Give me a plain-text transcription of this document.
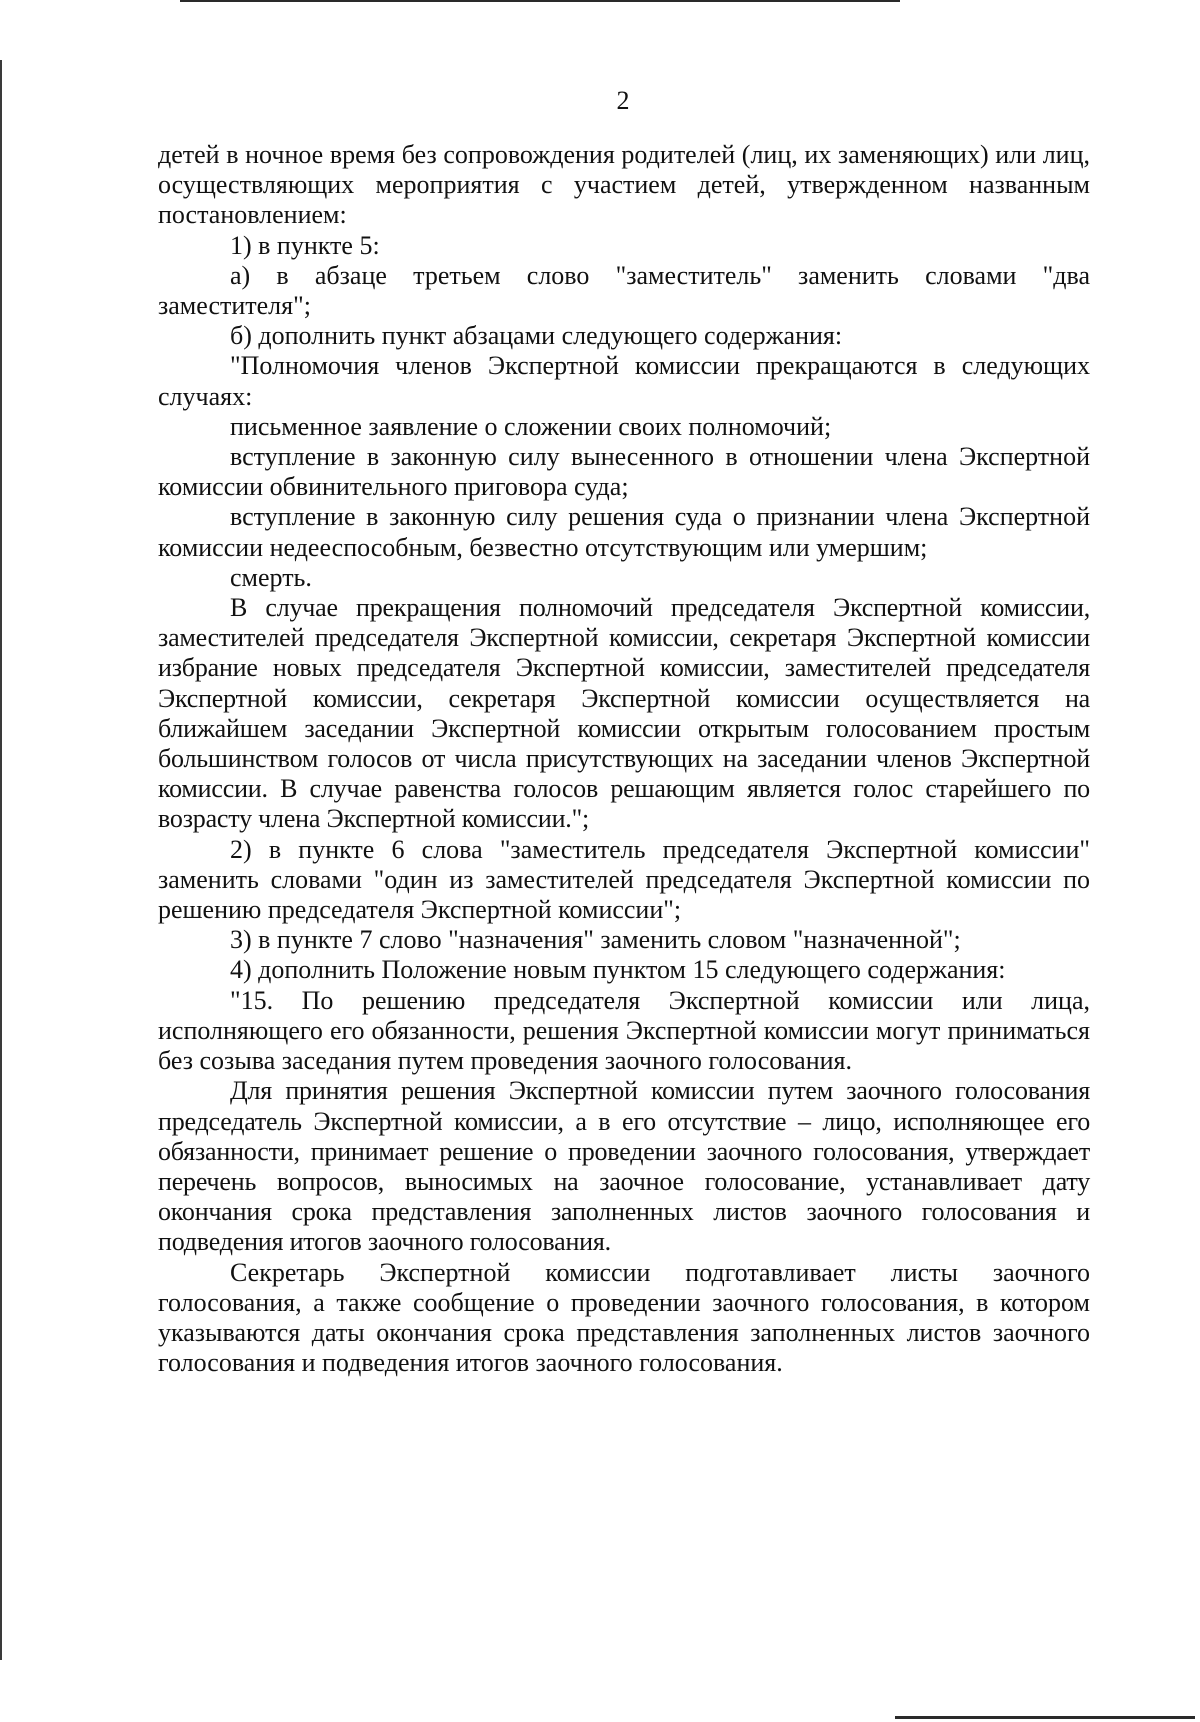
2

детей в ночное время без сопровождения родителей (лиц, их заменяющих) или лиц, осуществляющих мероприятия с участием детей, утвержденном названным постановлением:

1) в пункте 5:

а) в абзаце третьем слово "заместитель" заменить словами "два заместителя";

б) дополнить пункт абзацами следующего содержания:

"Полномочия членов Экспертной комиссии прекращаются в следующих случаях:

письменное заявление о сложении своих полномочий;

вступление в законную силу вынесенного в отношении члена Экспертной комиссии обвинительного приговора суда;

вступление в законную силу решения суда о признании члена Экспертной комиссии недееспособным, безвестно отсутствующим или умершим;

смерть.

В случае прекращения полномочий председателя Экспертной комиссии, заместителей председателя Экспертной комиссии, секретаря Экспертной комиссии избрание новых председателя Экспертной комиссии, заместителей председателя Экспертной комиссии, секретаря Экспертной комиссии осуществляется на ближайшем заседании Экспертной комиссии открытым голосованием простым большинством голосов от числа присутствующих на заседании членов Экспертной комиссии. В случае равенства голосов решающим является голос старейшего по возрасту члена Экспертной комиссии.";

2) в пункте 6 слова "заместитель председателя Экспертной комиссии" заменить словами "один из заместителей председателя Экспертной комиссии по решению председателя Экспертной комиссии";

3) в пункте 7 слово "назначения" заменить словом "назначенной";

4) дополнить Положение новым пунктом 15 следующего содержания:

"15. По решению председателя Экспертной комиссии или лица, исполняющего его обязанности, решения Экспертной комиссии могут приниматься без созыва заседания путем проведения заочного голосования.

Для принятия решения Экспертной комиссии путем заочного голосования председатель Экспертной комиссии, а в его отсутствие – лицо, исполняющее его обязанности, принимает решение о проведении заочного голосования, утверждает перечень вопросов, выносимых на заочное голосование, устанавливает дату окончания срока представления заполненных листов заочного голосования и подведения итогов заочного голосования.

Секретарь Экспертной комиссии подготавливает листы заочного голосования, а также сообщение о проведении заочного голосования, в котором указываются даты окончания срока представления заполненных листов заочного голосования и подведения итогов заочного голосования.
